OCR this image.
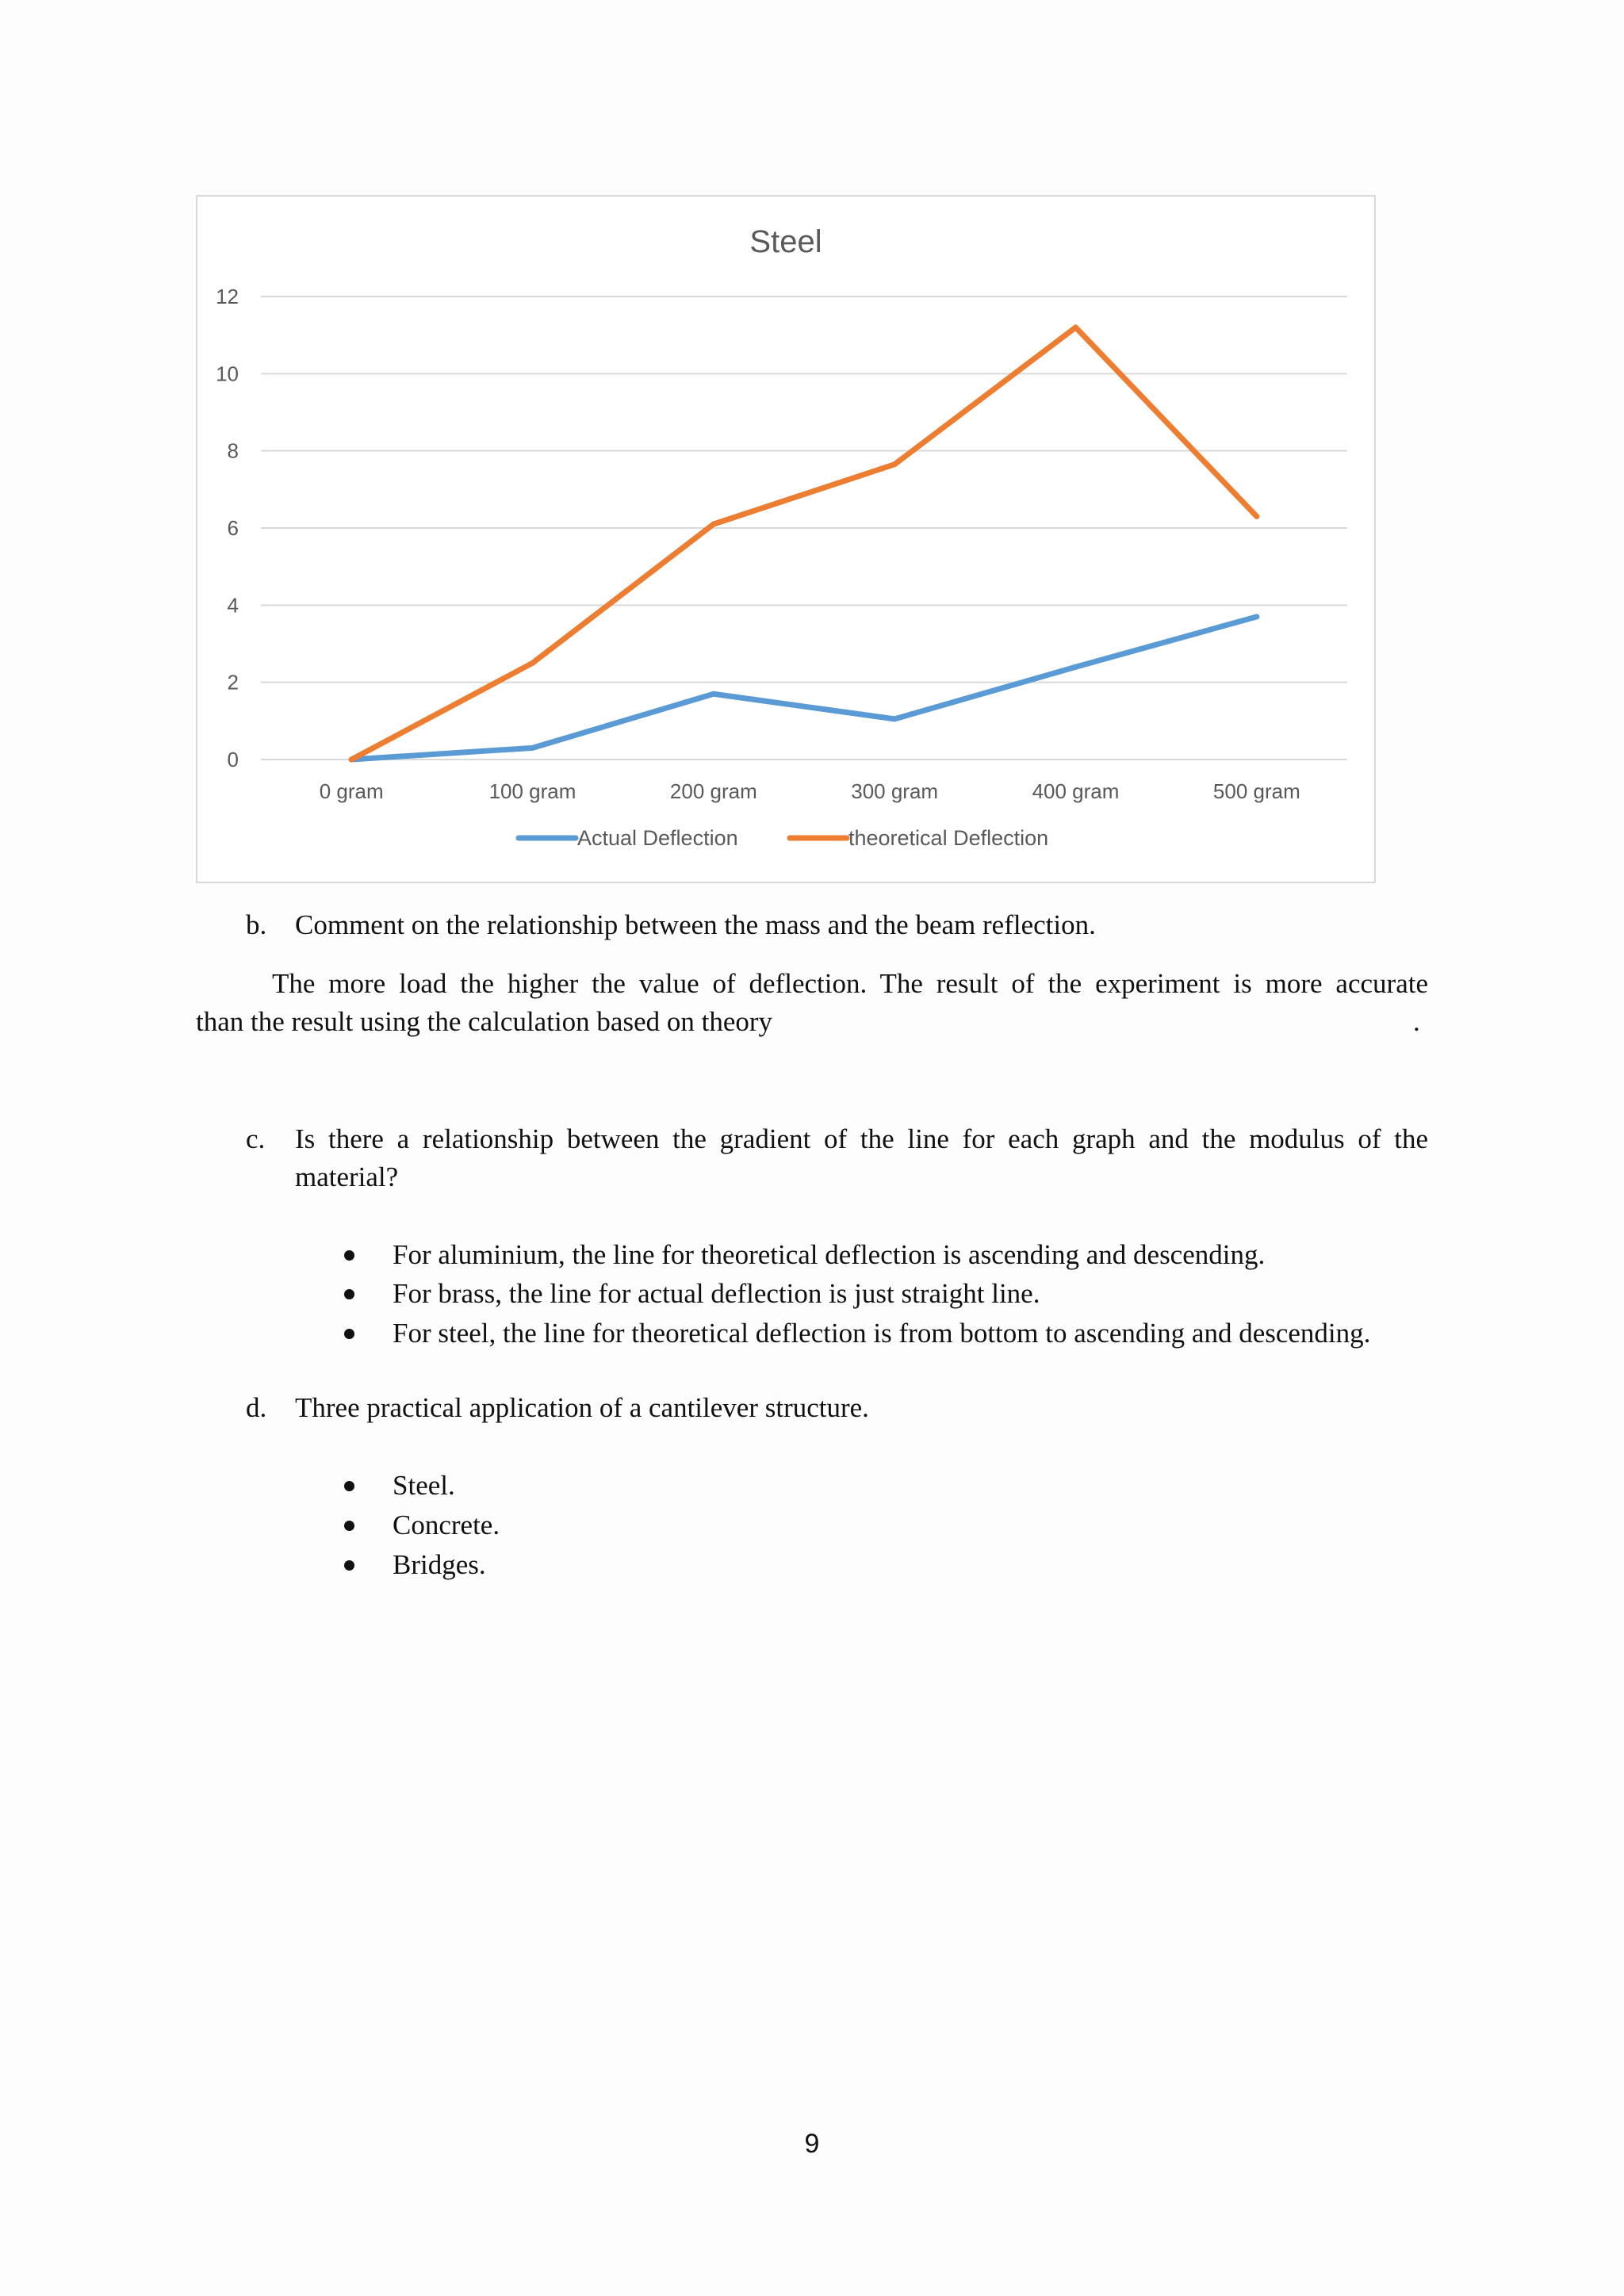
Steel
0
2
4
6
8
10
12
0 gram	100 gram	200 gram	300 gram	400 gram	500 gram
Actual Deflection	theoretical Deflection
b. Comment on the relationship between the mass and the beam reflection.
The more load the higher the value of deflection. The result of the experiment is more accurate
than the result using the calculation based on theory	.
c. Is there a relationship between the gradient of the line for each graph and the modulus of the
material?
For aluminium, the line for theoretical deflection is ascending and descending.
For brass, the line for actual deflection is just straight line.
For steel, the line for theoretical deflection is from bottom to ascending and descending.
d. Three practical application of a cantilever structure.
Steel.
Concrete.
Bridges.
9
